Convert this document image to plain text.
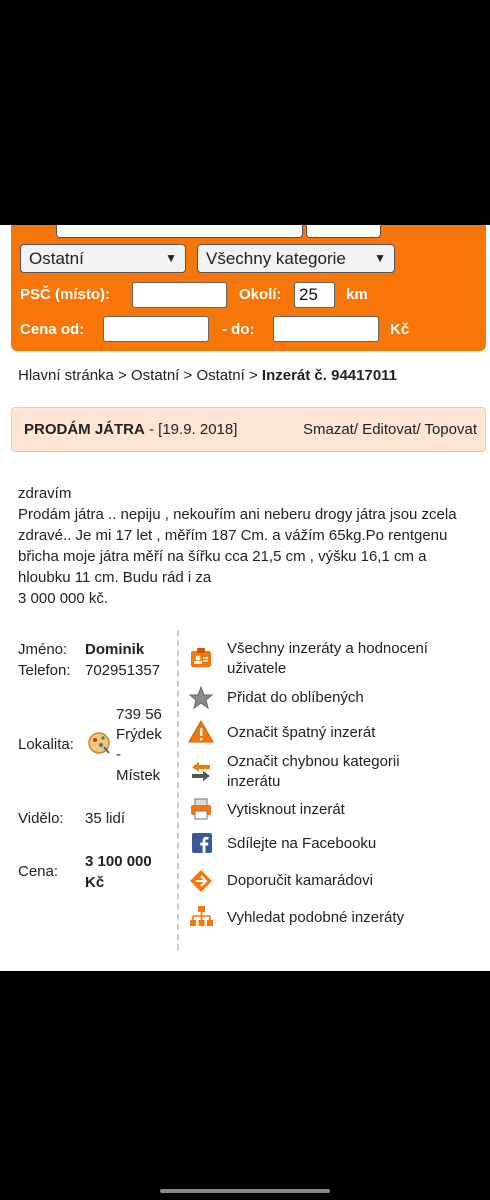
Ostatní	▼	Všechny kategorie ▼
PSČ (místo):	Okolí: 25	km
Cena od:	- do:	Kč
Hlavní stránka > Ostatní > Ostatní > Inzerát č. 94417011
PRODÁM JÁTRA - [19.9. 2018]	Smazat/ Editovat/ Topovat
zdravím
Prodám játra .. nepiju , nekouřím ani neberu drogy játra jsou zcela zdravé.. Je mi 17 let , měřím 187 Cm. a vážím 65kg.Po rentgenu břicha moje játra měří na šířku cca 21,5 cm , výšku 16,1 cm a hloubku 11 cm. Budu rád i za
3 000 000 kč.
Jméno: Dominik
Telefon: 702951357
Lokalita:
739 56
Frýdek
-
Místek
Vidělo: 35 lidí
Cena:
3 100 000
Kč
Všechny inzeráty a hodnocení uživatele
Přidat do oblíbených
Označit špatný inzerát
Označit chybnou kategorii inzerátu
Vytisknout inzerát
Sdílejte na Facebooku
Doporučit kamarádovi
Vyhledat podobné inzeráty
